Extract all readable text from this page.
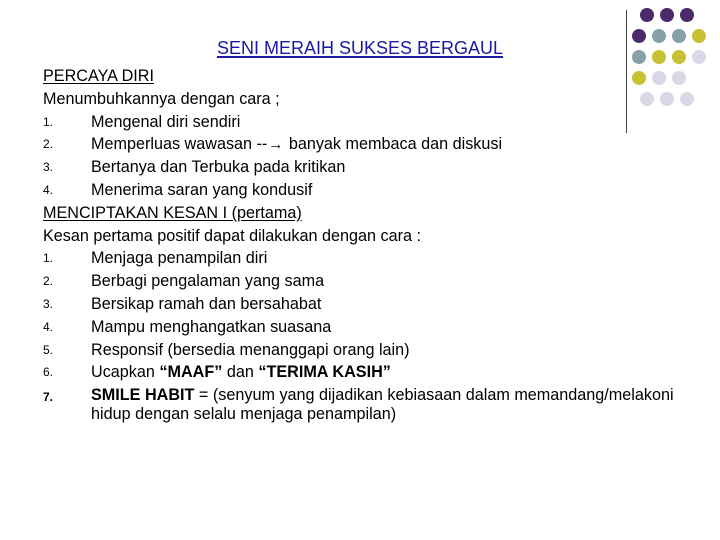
SENI MERAIH SUKSES BERGAUL
PERCAYA DIRI
Menumbuhkannya dengan cara ;
1.	Mengenal diri sendiri
2.	Memperluas wawasan --→ banyak membaca dan diskusi
3.	Bertanya dan Terbuka pada kritikan
4.	Menerima saran yang kondusif
MENCIPTAKAN KESAN I (pertama)
Kesan pertama positif dapat dilakukan dengan cara :
1.	Menjaga penampilan diri
2.	Berbagi pengalaman yang sama
3.	Bersikap ramah dan bersahabat
4.	Mampu menghangatkan suasana
5.	Responsif (bersedia menanggapi orang lain)
6.	Ucapkan “MAAF” dan “TERIMA KASIH”
7.	SMILE HABIT = (senyum yang dijadikan kebiasaan dalam memandang/melakoni hidup dengan selalu menjaga penampilan)
